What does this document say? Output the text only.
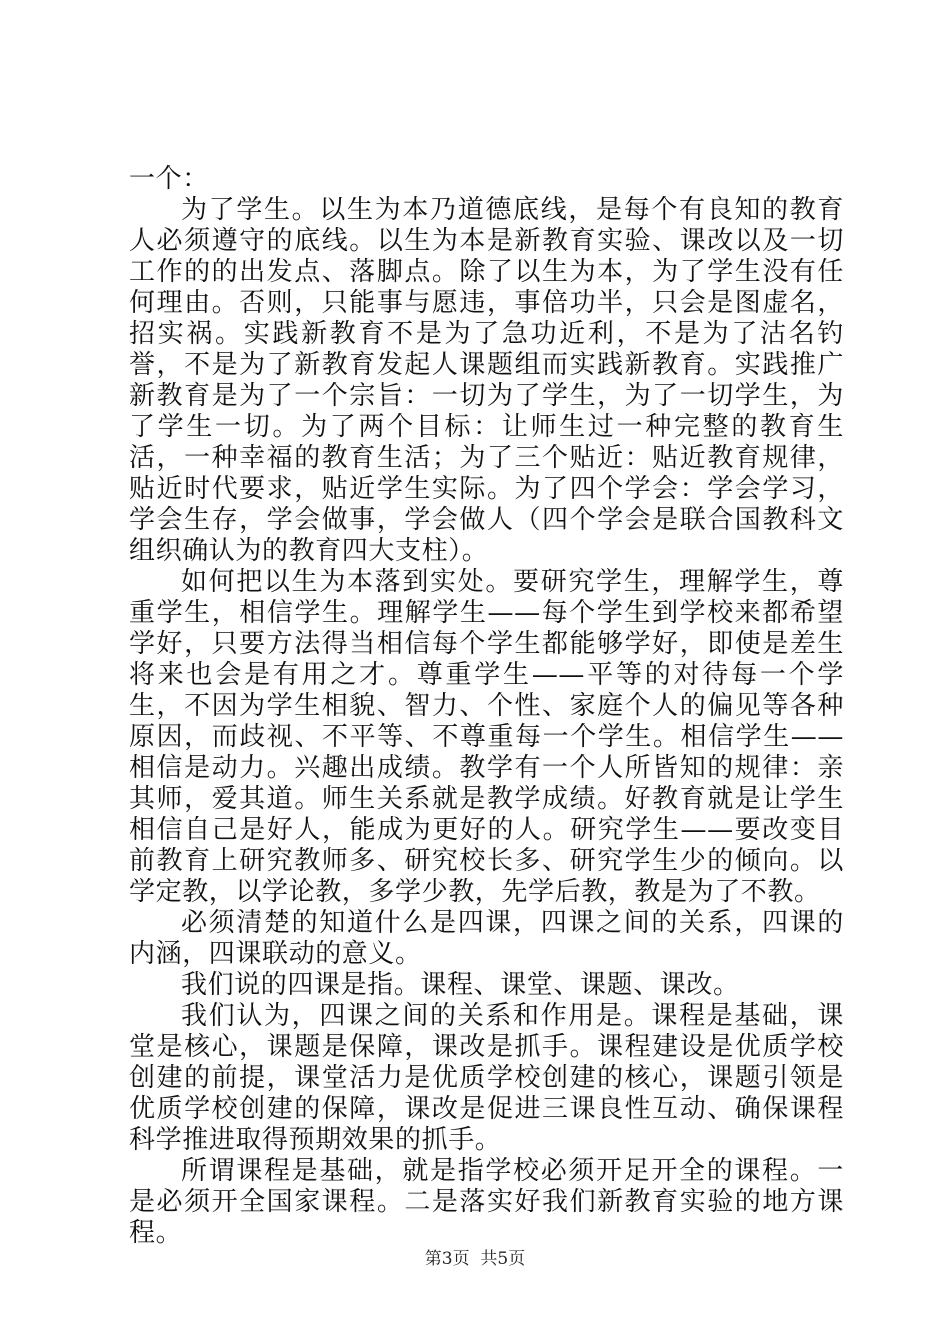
一个：

为了学生。以生为本乃道德底线，是每个有良知的教育人必须遵守的底线。以生为本是新教育实验、课改以及一切工作的的出发点、落脚点。除了以生为本，为了学生没有任何理由。否则，只能事与愿违，事倍功半，只会是图虚名，招实祸。实践新教育不是为了急功近利，不是为了沽名钓誉，不是为了新教育发起人课题组而实践新教育。实践推广新教育是为了一个宗旨：一切为了学生，为了一切学生，为了学生一切。为了两个目标：让师生过一种完整的教育生活，一种幸福的教育生活；为了三个贴近：贴近教育规律，贴近时代要求，贴近学生实际。为了四个学会：学会学习，学会生存，学会做事，学会做人（四个学会是联合国教科文组织确认为的教育四大支柱）。

如何把以生为本落到实处。要研究学生，理解学生，尊重学生，相信学生。理解学生——每个学生到学校来都希望学好，只要方法得当相信每个学生都能够学好，即使是差生将来也会是有用之才。尊重学生——平等的对待每一个学生，不因为学生相貌、智力、个性、家庭个人的偏见等各种原因，而歧视、不平等、不尊重每一个学生。相信学生——相信是动力。兴趣出成绩。教学有一个人所皆知的规律：亲其师，爱其道。师生关系就是教学成绩。好教育就是让学生相信自己是好人，能成为更好的人。研究学生——要改变目前教育上研究教师多、研究校长多、研究学生少的倾向。以学定教，以学论教，多学少教，先学后教，教是为了不教。

必须清楚的知道什么是四课，四课之间的关系，四课的内涵，四课联动的意义。

我们说的四课是指。课程、课堂、课题、课改。

我们认为，四课之间的关系和作用是。课程是基础，课堂是核心，课题是保障，课改是抓手。课程建设是优质学校创建的前提，课堂活力是优质学校创建的核心，课题引领是优质学校创建的保障，课改是促进三课良性互动、确保课程科学推进取得预期效果的抓手。

所谓课程是基础，就是指学校必须开足开全的课程。一是必须开全国家课程。二是落实好我们新教育实验的地方课程。

第3页  共5页
